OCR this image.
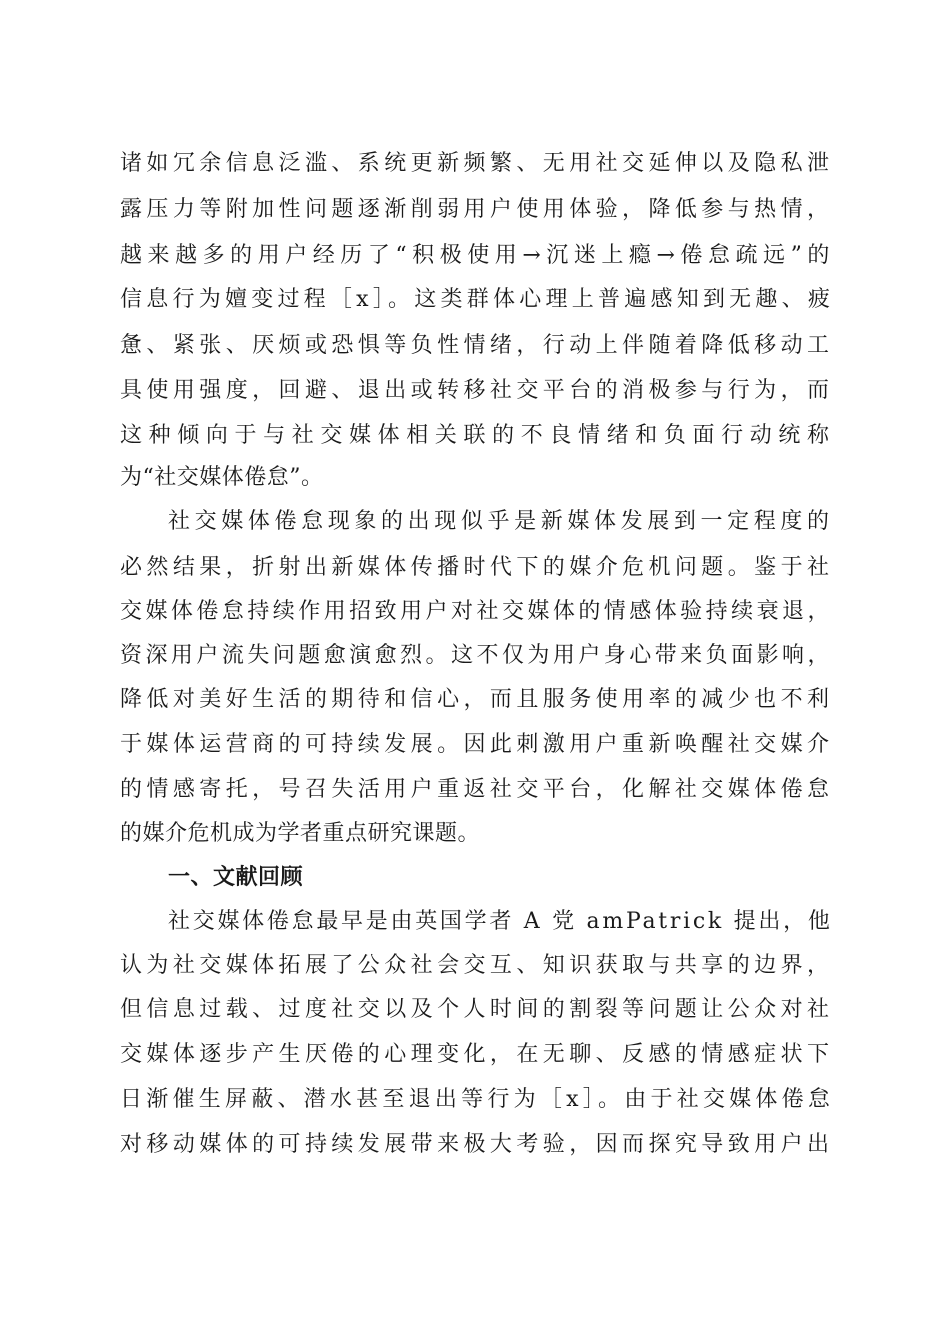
诸如冗余信息泛滥、系统更新频繁、无用社交延伸以及隐私泄
露压力等附加性问题逐渐削弱用户使用体验，降低参与热情，
越来越多的用户经历了“积极使用→沉迷上瘾→倦怠疏远”的
信息行为嬗变过程［x］。这类群体心理上普遍感知到无趣、疲
惫、紧张、厌烦或恐惧等负性情绪，行动上伴随着降低移动工
具使用强度，回避、退出或转移社交平台的消极参与行为，而
这种倾向于与社交媒体相关联的不良情绪和负面行动统称
为“社交媒体倦怠”。
社交媒体倦怠现象的出现似乎是新媒体发展到一定程度的
必然结果，折射出新媒体传播时代下的媒介危机问题。鉴于社
交媒体倦怠持续作用招致用户对社交媒体的情感体验持续衰退，
资深用户流失问题愈演愈烈。这不仅为用户身心带来负面影响，
降低对美好生活的期待和信心，而且服务使用率的减少也不利
于媒体运营商的可持续发展。因此刺激用户重新唤醒社交媒介
的情感寄托，号召失活用户重返社交平台，化解社交媒体倦怠
的媒介危机成为学者重点研究课题。
一、文献回顾
社交媒体倦怠最早是由英国学者 A 党 amPatrick 提出，他
认为社交媒体拓展了公众社会交互、知识获取与共享的边界，
但信息过载、过度社交以及个人时间的割裂等问题让公众对社
交媒体逐步产生厌倦的心理变化，在无聊、反感的情感症状下
日渐催生屏蔽、潜水甚至退出等行为［x］。由于社交媒体倦怠
对移动媒体的可持续发展带来极大考验，因而探究导致用户出
